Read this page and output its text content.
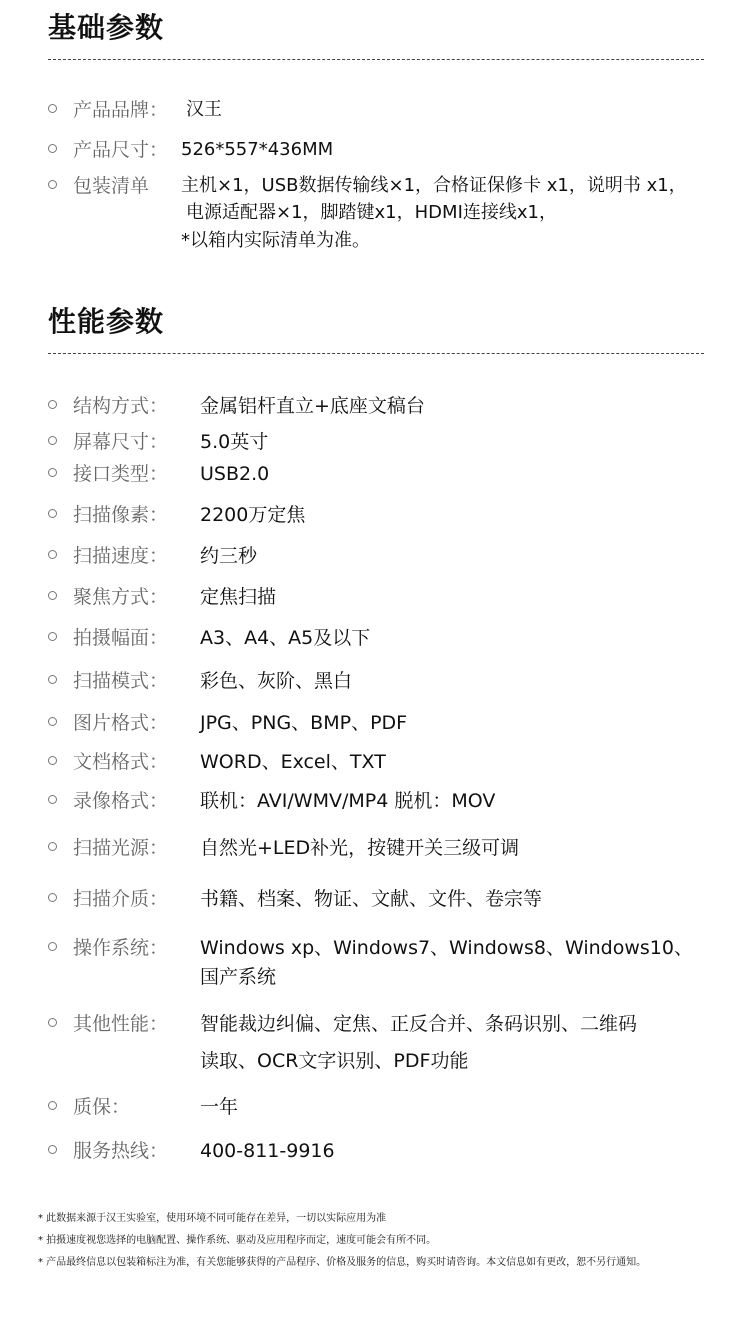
基础参数
产品品牌： 汉王
产品尺寸： 526*557*436MM
包装清单 主机×1，USB数据传输线×1，合格证保修卡 x1，说明书 x1，
电源适配器×1，脚踏键x1，HDMI连接线x1，
*以箱内实际清单为准。
性能参数
结构方式： 金属铝杆直立+底座文稿台
屏幕尺寸： 5.0英寸
接口类型： USB2.0
扫描像素： 2200万定焦
扫描速度： 约三秒
聚焦方式： 定焦扫描
拍摄幅面： A3、A4、A5及以下
扫描模式： 彩色、灰阶、黑白
图片格式： JPG、PNG、BMP、PDF
文档格式： WORD、Excel、TXT
录像格式： 联机：AVI/WMV/MP4 脱机：MOV
扫描光源： 自然光+LED补光，按键开关三级可调
扫描介质： 书籍、档案、物证、文献、文件、卷宗等
操作系统： Windows xp、Windows7、Windows8、Windows10、
国产系统
其他性能： 智能裁边纠偏、定焦、正反合并、条码识别、二维码
读取、OCR文字识别、PDF功能
质保：	一年
服务热线： 400-811-9916
* 此数据来源于汉王实验室，使用环境不同可能存在差异，一切以实际应用为准
* 拍摄速度视您选择的电脑配置、操作系统、驱动及应用程序而定，速度可能会有所不同。
* 产品最终信息以包装箱标注为准，有关您能够获得的产品程序、价格及服务的信息，购买时请咨询。本文信息如有更改，恕不另行通知。
